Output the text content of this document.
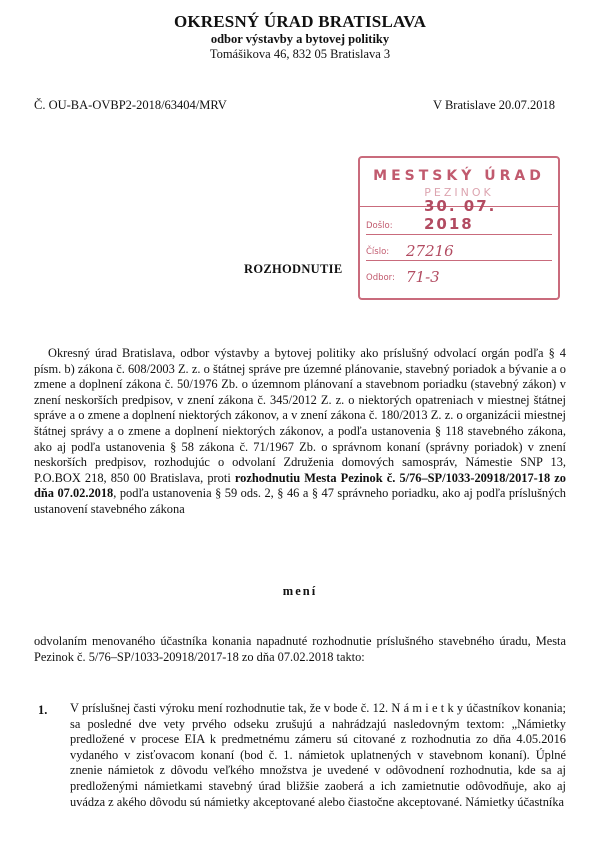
OKRESNÝ ÚRAD BRATISLAVA
odbor výstavby a bytovej politiky
Tomášikova 46, 832 05 Bratislava 3
Č. OU-BA-OVBP2-2018/63404/MRV	V Bratislave 20.07.2018
MESTSKÝ ÚRAD
PEZINOK
Došlo:
30. 07. 2018
Číslo: 27216
Odbor: 71-3
ROZHODNUTIE
Okresný úrad Bratislava, odbor výstavby a bytovej politiky ako príslušný odvolací orgán podľa § 4 písm. b) zákona č. 608/2003 Z. z. o štátnej správe pre územné plánovanie, stavebný poriadok a bývanie a o zmene a doplnení zákona č. 50/1976 Zb. o územnom plánovaní a stavebnom poriadku (stavebný zákon) v znení neskorších predpisov, v znení zákona č. 345/2012 Z. z. o niektorých opatreniach v miestnej štátnej správe a o zmene a doplnení niektorých zákonov, a v znení zákona č. 180/2013 Z. z. o organizácii miestnej štátnej správy a o zmene a doplnení niektorých zákonov, a podľa ustanovenia § 118 stavebného zákona, ako aj podľa ustanovenia § 58 zákona č. 71/1967 Zb. o správnom konaní (správny poriadok) v znení neskorších predpisov, rozhodujúc o odvolaní Združenia domových samospráv, Námestie SNP 13, P.O.BOX 218, 850 00 Bratislava, proti rozhodnutiu Mesta Pezinok č. 5/76–SP/1033-20918/2017-18 zo dňa 07.02.2018, podľa ustanovenia § 59 ods. 2, § 46 a § 47 správneho poriadku, ako aj podľa príslušných ustanovení stavebného zákona
mení
odvolaním menovaného účastníka konania napadnuté rozhodnutie príslušného stavebného úradu, Mesta Pezinok č. 5/76–SP/1033-20918/2017-18 zo dňa 07.02.2018 takto:
1. V príslušnej časti výroku mení rozhodnutie tak, že v bode č. 12. N á m i e t k y účastníkov konania; sa posledné dve vety prvého odseku zrušujú a nahrádzajú nasledovným textom: „Námietky predložené v procese EIA k predmetnému zámeru sú citované z rozhodnutia zo dňa 4.05.2016 vydaného v zisťovacom konaní (bod č. 1. námietok uplatnených v stavebnom konaní). Úplné znenie námietok z dôvodu veľkého množstva je uvedené v odôvodnení rozhodnutia, kde sa aj predloženými námietkami stavebný úrad bližšie zaoberá a ich zamietnutie odôvodňuje, ako aj uvádza z akého dôvodu sú námietky akceptované alebo čiastočne akceptované. Námietky účastníka
